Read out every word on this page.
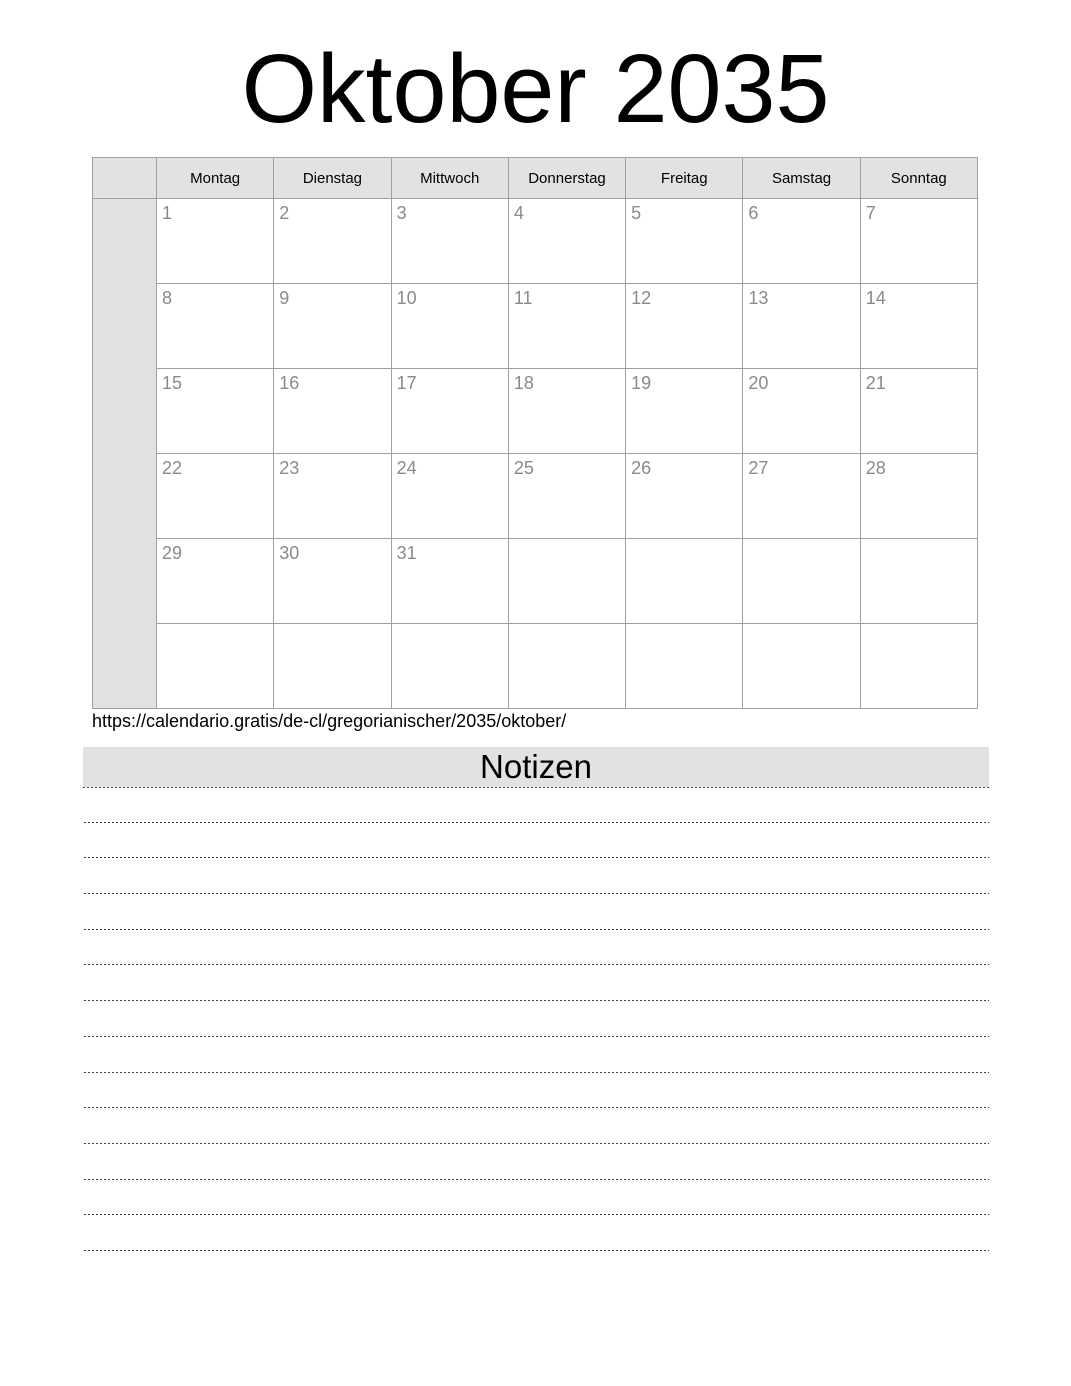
Oktober 2035
	Montag	Dienstag	Mittwoch	Donnerstag	Freitag	Samstag	Sonntag
	1	2	3	4	5	6	7
	8	9	10	11	12	13	14
	15	16	17	18	19	20	21
	22	23	24	25	26	27	28
	29	30	31				

https://calendario.gratis/de-cl/gregorianischer/2035/oktober/

Notizen
